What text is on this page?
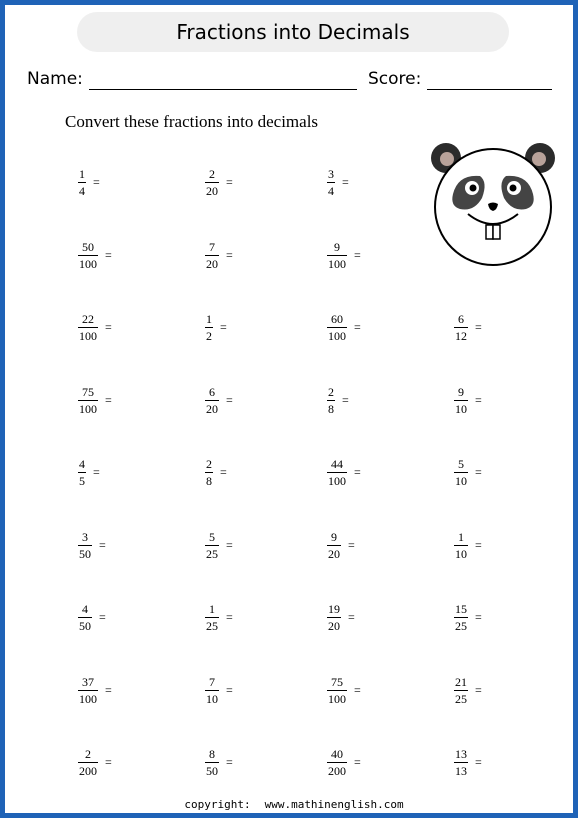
Fractions into Decimals
Name:	Score:
Convert these fractions into decimals
$\frac{1}{4}$ =	$\frac{2}{20}$ =	$\frac{3}{4}$ =
$\frac{50}{100}$ =	$\frac{7}{20}$ =	$\frac{9}{100}$ =
$\frac{22}{100}$ =	$\frac{1}{2}$ =	$\frac{60}{100}$ =	$\frac{6}{12}$ =
$\frac{75}{100}$ =	$\frac{6}{20}$ =	$\frac{2}{8}$ =	$\frac{9}{10}$ =
$\frac{4}{5}$ =	$\frac{2}{8}$ =	$\frac{44}{100}$ =	$\frac{5}{10}$ =
$\frac{3}{50}$ =	$\frac{5}{25}$ =	$\frac{9}{20}$ =	$\frac{1}{10}$ =
$\frac{4}{50}$ =	$\frac{1}{25}$ =	$\frac{19}{20}$ =	$\frac{15}{25}$ =
$\frac{37}{100}$ =	$\frac{7}{10}$ =	$\frac{75}{100}$ =	$\frac{21}{25}$ =
$\frac{2}{200}$ =	$\frac{8}{50}$ =	$\frac{40}{200}$ =	$\frac{13}{13}$ =
copyright: www.mathinenglish.com
